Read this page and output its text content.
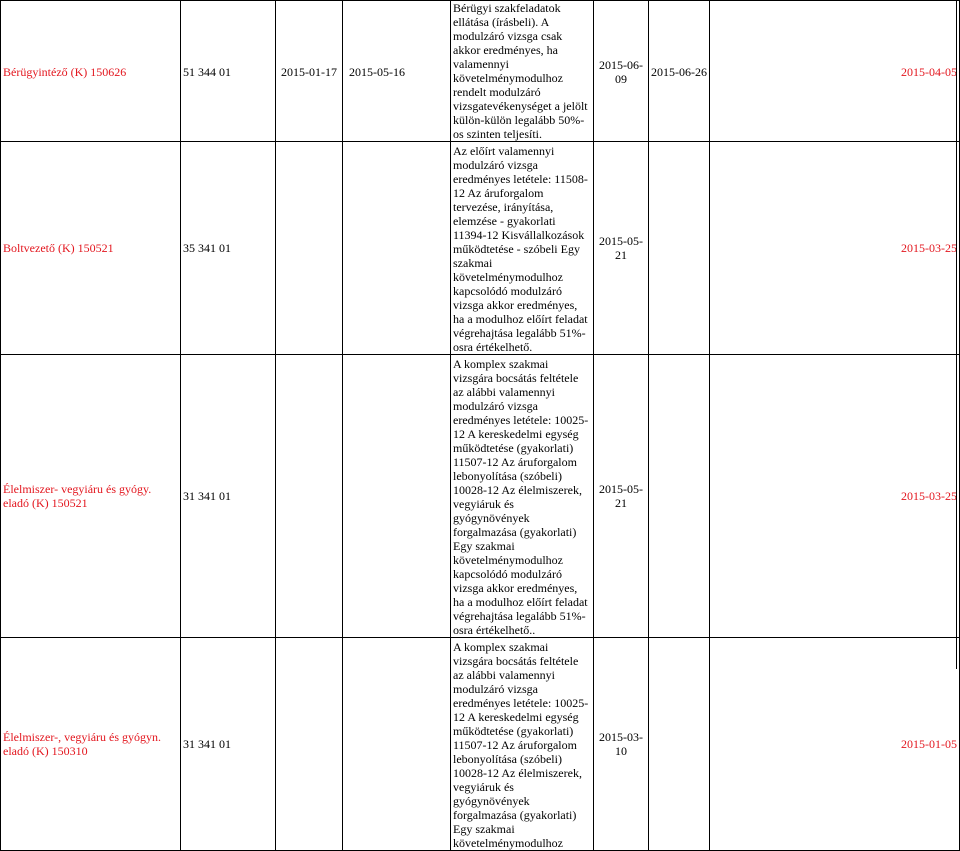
Bérügyintéző (K) 150626	51 344 01	2015-01-17	2015-05-16	Bérügyi szakfeladatok ellátása (írásbeli). A modulzáró vizsga csak akkor eredményes, ha valamennyi követelménymodulhoz rendelt modulzáró vizsgatevékenységet a jelölt külön-külön legalább 50%-os szinten teljesíti.	2015-06-09	2015-06-26	2015-04-05
Boltvezető (K) 150521	35 341 01			Az előírt valamennyi modulzáró vizsga eredményes letétele: 11508-12 Az áruforgalom tervezése, irányítása, elemzése - gyakorlati 11394-12 Kisvállalkozások működtetése - szóbeli Egy szakmai követelménymodulhoz kapcsolódó modulzáró vizsga akkor eredményes, ha a modulhoz előírt feladat végrehajtása legalább 51%-osra értékelhető.	2015-05-21		2015-03-25
Élelmiszer- vegyiáru és gyógy. eladó (K) 150521	31 341 01			A komplex szakmai vizsgára bocsátás feltétele az alábbi valamennyi modulzáró vizsga eredményes letétele: 10025-12 A kereskedelmi egység működtetése (gyakorlati) 11507-12 Az áruforgalom lebonyolítása (szóbeli) 10028-12 Az élelmiszerek, vegyiáruk és gyógynövények forgalmazása (gyakorlati) Egy szakmai követelménymodulhoz kapcsolódó modulzáró vizsga akkor eredményes, ha a modulhoz előírt feladat végrehajtása legalább 51%-osra értékelhető..	2015-05-21		2015-03-25
Élelmiszer-, vegyiáru és gyógyn. eladó (K) 150310	31 341 01			A komplex szakmai vizsgára bocsátás feltétele az alábbi valamennyi modulzáró vizsga eredményes letétele: 10025-12 A kereskedelmi egység működtetése (gyakorlati) 11507-12 Az áruforgalom lebonyolítása (szóbeli) 10028-12 Az élelmiszerek, vegyiáruk és gyógynövények forgalmazása (gyakorlati) Egy szakmai követelménymodulhoz	2015-03-10		2015-01-05
